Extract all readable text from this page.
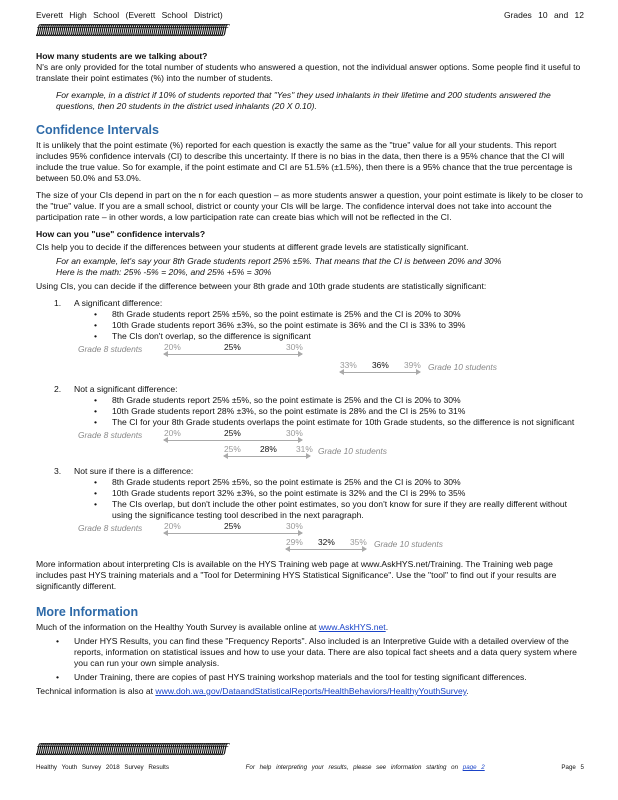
Everett High School (Everett School District)	Grades 10 and 12
ƒƒƒƒƒƒƒƒƒƒƒƒƒƒƒƒƒƒƒƒƒƒƒƒƒƒƒƒƒƒƒƒƒƒƒƒƒƒƒƒƒƒƒƒƒƒƒƒƒƒƒƒƒƒƒƒƒƒƒƒƒƒƒƒƒƒƒƒƒƒƒƒƒƒƒƒƒƒƒƒƒƒƒƒƒƒƒƒƒƒƒƒƒƒ
How many students are we talking about?

N's are only provided for the total number of students who answered a question, not the individual answer options. Some people find it useful to translate their point estimates (%) into the number of students.

For example, in a district if 10% of students reported that "Yes" they used inhalants in their lifetime and 200 students answered the questions, then 20 students in the district used inhalants (20 X 0.10).

Confidence Intervals

It is unlikely that the point estimate (%) reported for each question is exactly the same as the "true" value for all your students. This report includes 95% confidence intervals (CI) to describe this uncertainty. If there is no bias in the data, then there is a 95% chance that the CI will include the true value. So for example, if the point estimate and CI are 51.5% (±1.5%), then there is a 95% chance that the true percentage is between 50.0% and 53.0%.

The size of your CIs depend in part on the n for each question – as more students answer a question, your point estimate is likely to be closer to the "true" value. If you are a small school, district or county your CIs will be large. The confidence interval does not take into account the participation rate – in other words, a low participation rate can create bias which will not be reflected in the CI.

How can you "use" confidence intervals?

CIs help you to decide if the differences between your students at different grade levels are statistically significant.

For an example, let's say your 8th Grade students report 25% ±5%. That means that the CI is between 20% and 30%
Here is the math: 25% -5% = 20%, and 25% +5% = 30%

Using CIs, you can decide if the difference between your 8th grade and 10th grade students are statistically significant:

1.	A significant difference:
• 8th Grade students report 25% ±5%, so the point estimate is 25% and the CI is 20% to 30%
• 10th Grade students report 36% ±3%, so the point estimate is 36% and the CI is 33% to 39%
• The CIs don't overlap, so the difference is significant
Grade 8 students	20%	25%	30%
33% 36% 39% Grade 10 students
2.	Not a significant difference:
• 8th Grade students report 25% ±5%, so the point estimate is 25% and the CI is 20% to 30%
• 10th Grade students report 28% ±3%, so the point estimate is 28% and the CI is 25% to 31%
• The CI for your 8th Grade students overlaps the point estimate for 10th Grade students, so the difference is not significant
Grade 8 students	20%	25%	30%
25% 28% 31% Grade 10 students
3.	Not sure if there is a difference:
• 8th Grade students report 25% ±5%, so the point estimate is 25% and the CI is 20% to 30%
• 10th Grade students report 32% ±3%, so the point estimate is 32% and the CI is 29% to 35%
• The CIs overlap, but don't include the other point estimates, so you don't know for sure if they are really different without using the significance testing tool described in the next paragraph.
Grade 8 students	20%	25%	30%
29% 32% 35% Grade 10 students

More information about interpreting CIs is available on the HYS Training web page at www.AskHYS.net/Training. The Training web page includes past HYS training materials and a "Tool for Determining HYS Statistical Significance". Use the "tool" to find out if your results are significantly different.

More Information
Much of the information on the Healthy Youth Survey is available online at www.AskHYS.net.
• Under HYS Results, you can find these "Frequency Reports". Also included is an Interpretive Guide with a detailed overview of the reports, information on statistical issues and how to use your data. There are also topical fact sheets and a data query system where you can run your own simple analysis.
• Under Training, there are copies of past HYS training workshop materials and the tool for testing significant differences.
Technical information is also at www.doh.wa.gov/DataandStatisticalReports/HealthBehaviors/HealthyYouthSurvey.
ƒƒƒƒƒƒƒƒƒƒƒƒƒƒƒƒƒƒƒƒƒƒƒƒƒƒƒƒƒƒƒƒƒƒƒƒƒƒƒƒƒƒƒƒƒƒƒƒƒƒƒƒƒƒƒƒƒƒƒƒƒƒƒƒƒƒƒƒƒƒƒƒƒƒƒƒƒƒƒƒƒƒƒƒƒƒƒƒƒƒƒƒƒƒ
Healthy Youth Survey 2018 Survey Results	For help interpreting your results, please see information starting on page 2	Page 5
